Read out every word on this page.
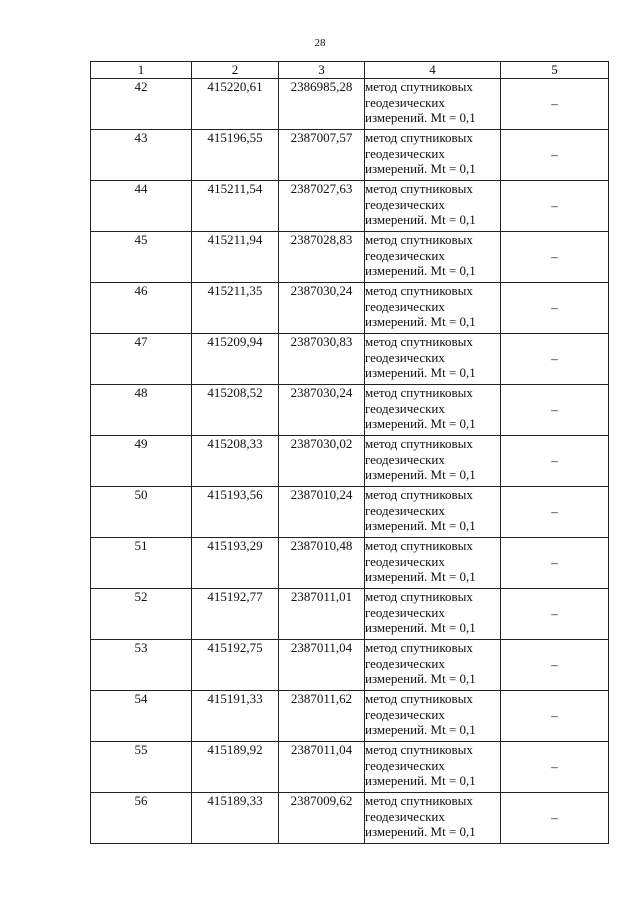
28
1	2	3	4	5
42	415220,61	2386985,28	метод спутниковых
геодезических
измерений. Mt = 0,1	–
43	415196,55	2387007,57	метод спутниковых
геодезических
измерений. Mt = 0,1	–
44	415211,54	2387027,63	метод спутниковых
геодезических
измерений. Mt = 0,1	–
45	415211,94	2387028,83	метод спутниковых
геодезических
измерений. Mt = 0,1	–
46	415211,35	2387030,24	метод спутниковых
геодезических
измерений. Mt = 0,1	–
47	415209,94	2387030,83	метод спутниковых
геодезических
измерений. Mt = 0,1	–
48	415208,52	2387030,24	метод спутниковых
геодезических
измерений. Mt = 0,1	–
49	415208,33	2387030,02	метод спутниковых
геодезических
измерений. Mt = 0,1	–
50	415193,56	2387010,24	метод спутниковых
геодезических
измерений. Mt = 0,1	–
51	415193,29	2387010,48	метод спутниковых
геодезических
измерений. Mt = 0,1	–
52	415192,77	2387011,01	метод спутниковых
геодезических
измерений. Mt = 0,1	–
53	415192,75	2387011,04	метод спутниковых
геодезических
измерений. Mt = 0,1	–
54	415191,33	2387011,62	метод спутниковых
геодезических
измерений. Mt = 0,1	–
55	415189,92	2387011,04	метод спутниковых
геодезических
измерений. Mt = 0,1	–
56	415189,33	2387009,62	метод спутниковых
геодезических
измерений. Mt = 0,1	–
